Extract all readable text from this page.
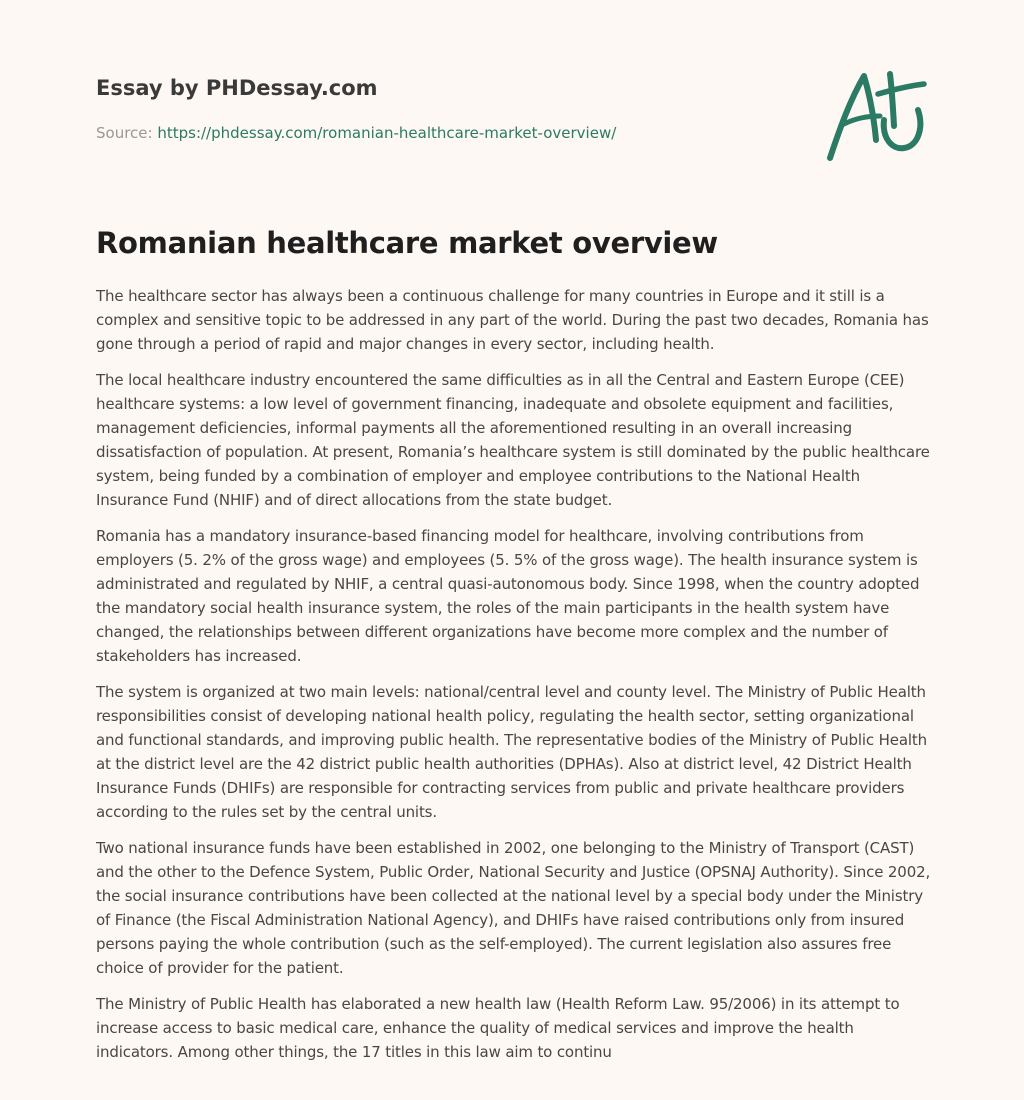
Essay by PHDessay.com
Source: https://phdessay.com/romanian-healthcare-market-overview/
Romanian healthcare market overview

The healthcare sector has always been a continuous challenge for many countries in Europe and it still is a complex and sensitive topic to be addressed in any part of the world. During the past two decades, Romania has gone through a period of rapid and major changes in every sector, including health.

The local healthcare industry encountered the same difficulties as in all the Central and Eastern Europe (CEE) healthcare systems: a low level of government financing, inadequate and obsolete equipment and facilities, management deficiencies, informal payments all the aforementioned resulting in an overall increasing dissatisfaction of population. At present, Romania’s healthcare system is still dominated by the public healthcare system, being funded by a combination of employer and employee contributions to the National Health Insurance Fund (NHIF) and of direct allocations from the state budget.

Romania has a mandatory insurance-based financing model for healthcare, involving contributions from employers (5. 2% of the gross wage) and employees (5. 5% of the gross wage). The health insurance system is administrated and regulated by NHIF, a central quasi-autonomous body. Since 1998, when the country adopted the mandatory social health insurance system, the roles of the main participants in the health system have changed, the relationships between different organizations have become more complex and the number of stakeholders has increased.

The system is organized at two main levels: national/central level and county level. The Ministry of Public Health responsibilities consist of developing national health policy, regulating the health sector, setting organizational and functional standards, and improving public health. The representative bodies of the Ministry of Public Health at the district level are the 42 district public health authorities (DPHAs). Also at district level, 42 District Health Insurance Funds (DHIFs) are responsible for contracting services from public and private healthcare providers according to the rules set by the central units.

Two national insurance funds have been established in 2002, one belonging to the Ministry of Transport (CAST) and the other to the Defence System, Public Order, National Security and Justice (OPSNAJ Authority). Since 2002, the social insurance contributions have been collected at the national level by a special body under the Ministry of Finance (the Fiscal Administration National Agency), and DHIFs have raised contributions only from insured persons paying the whole contribution (such as the self-employed). The current legislation also assures free choice of provider for the patient.

The Ministry of Public Health has elaborated a new health law (Health Reform Law. 95/2006) in its attempt to increase access to basic medical care, enhance the quality of medical services and improve the health indicators. Among other things, the 17 titles in this law aim to continu
